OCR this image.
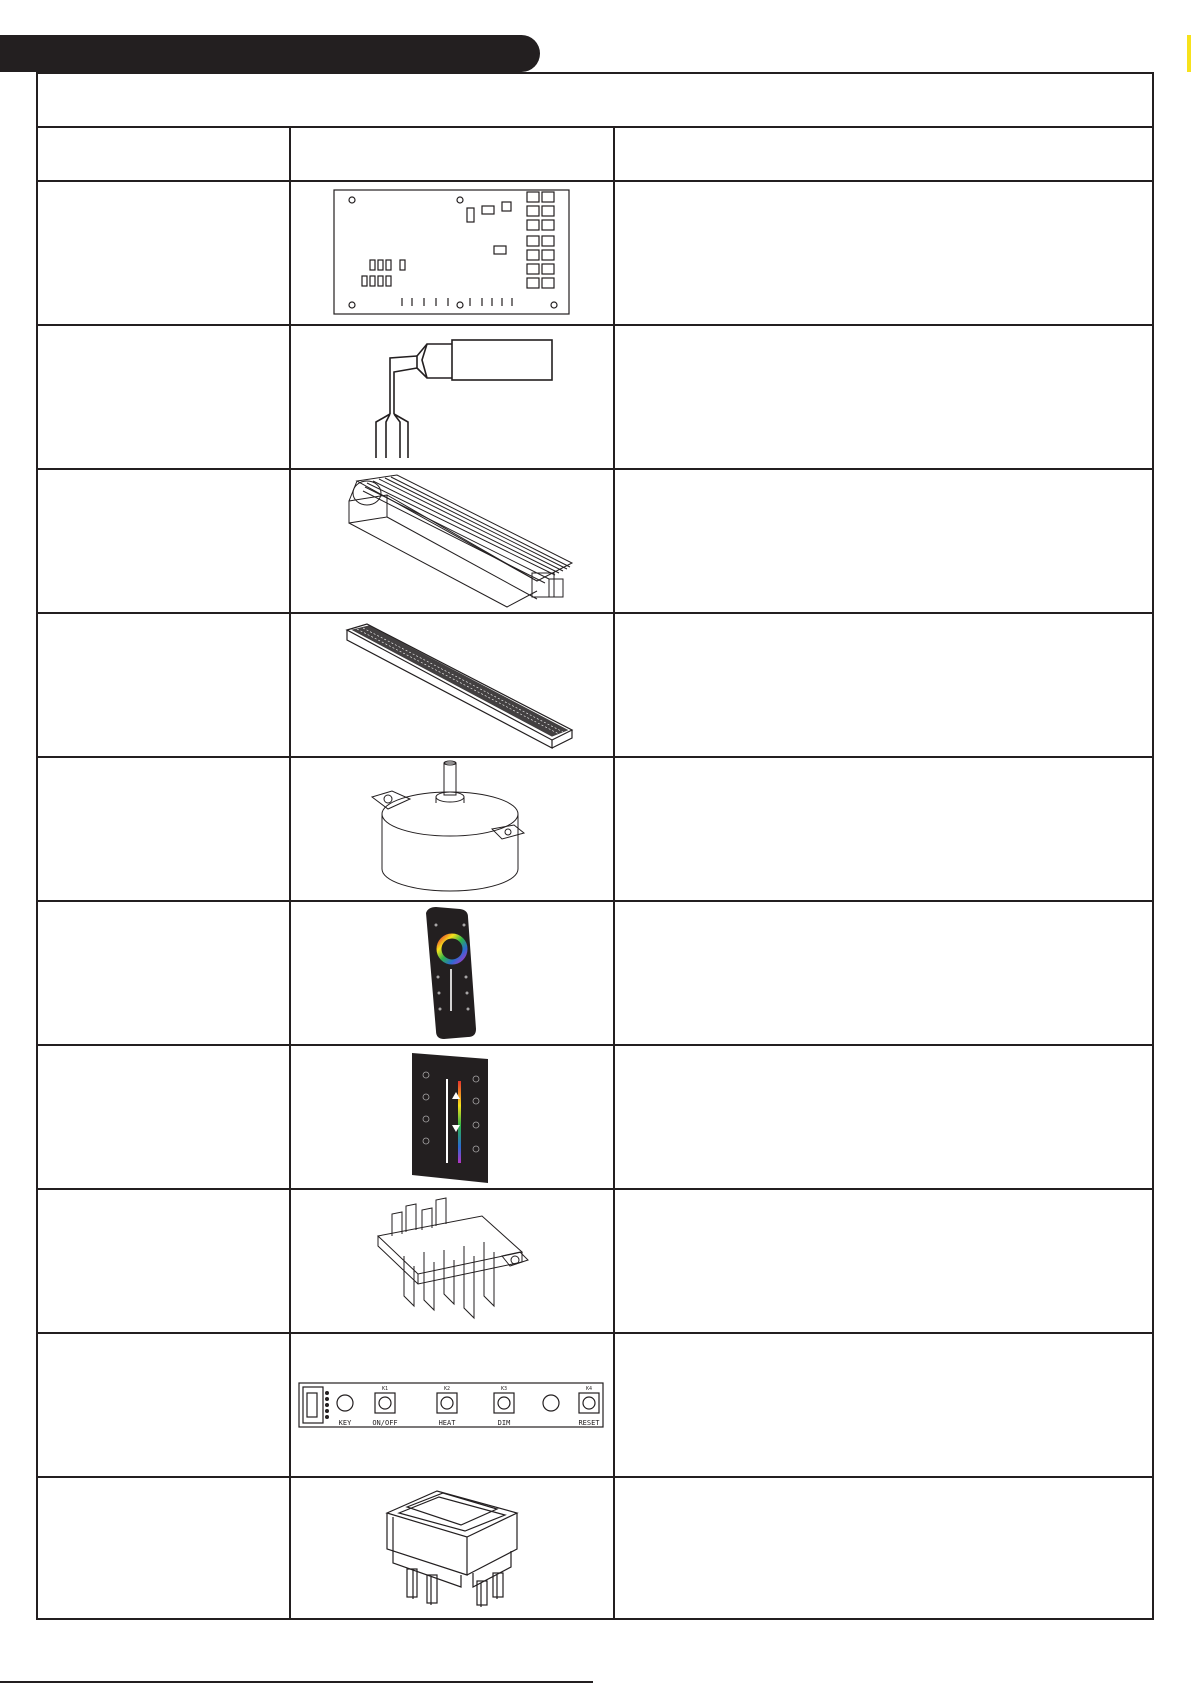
KEY	ON/OFF	HEAT	DIM	RESET
K1	K2	K3	K4
